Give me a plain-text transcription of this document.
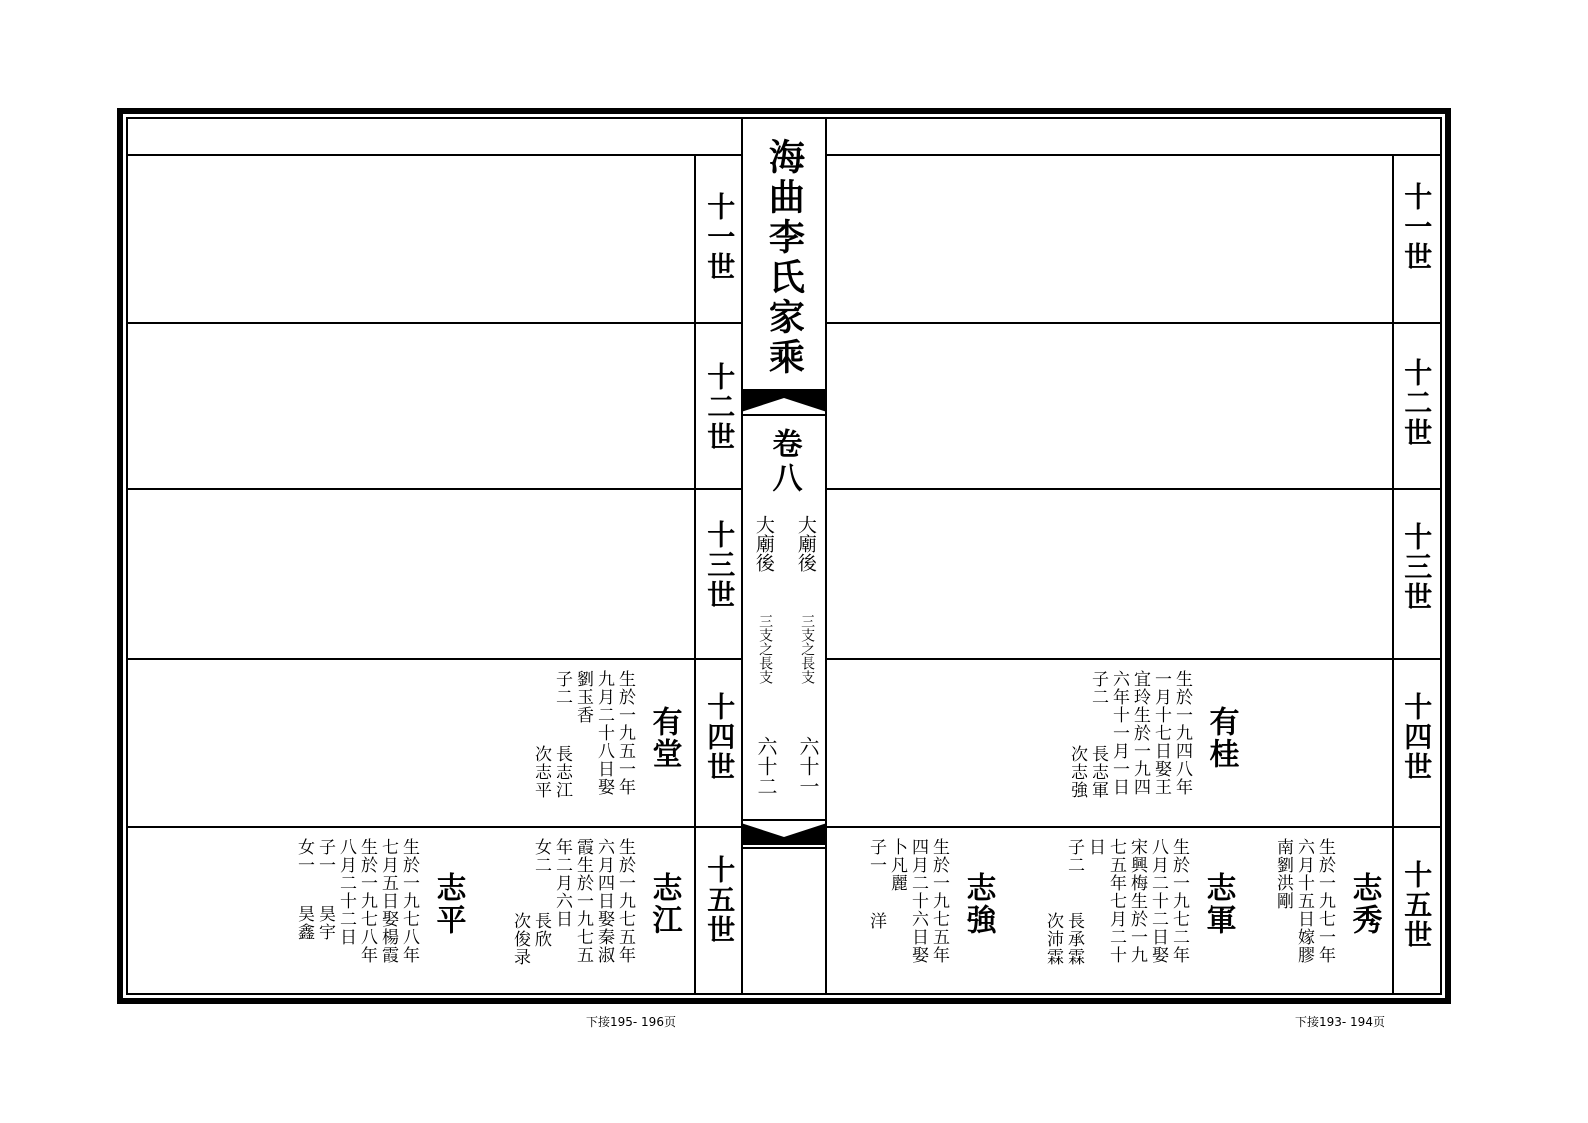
十一世
十二世
十三世
十四世
十五世
十一世
十二世
十三世
十四世
十五世
海曲李氏家乘
卷八
大廟後
大廟後
三支之長支
三支之長支
六十一
六十二
有堂
生於一九五一年
九月二十八日娶
劉玉香
子二
長志江
次志平
志江
生於一九七五年
六月四日娶秦淑
霞生於一九七五
年二月六日
女二
長欣
次俊录
志平
生於一九七八年
七月五日娶楊霞
生於一九七八年
八月二十二日
子一
女一
昊宇
昊鑫
有桂
生於一九四八年
一月十七日娶王
宜玲生於一九四
六年十一月一日
子二
長志軍
次志強
志秀
生於一九七一年
六月十五日嫁膠
南劉洪剛
志軍
生於一九七二年
八月二十二日娶
宋興梅生於一九
七五年七月二十
日
子二
長承霖
次沛霖
志強
生於一九七五年
四月二十六日娶
卜凡麗
子一
洋
下接195- 196页	下接193- 194页
